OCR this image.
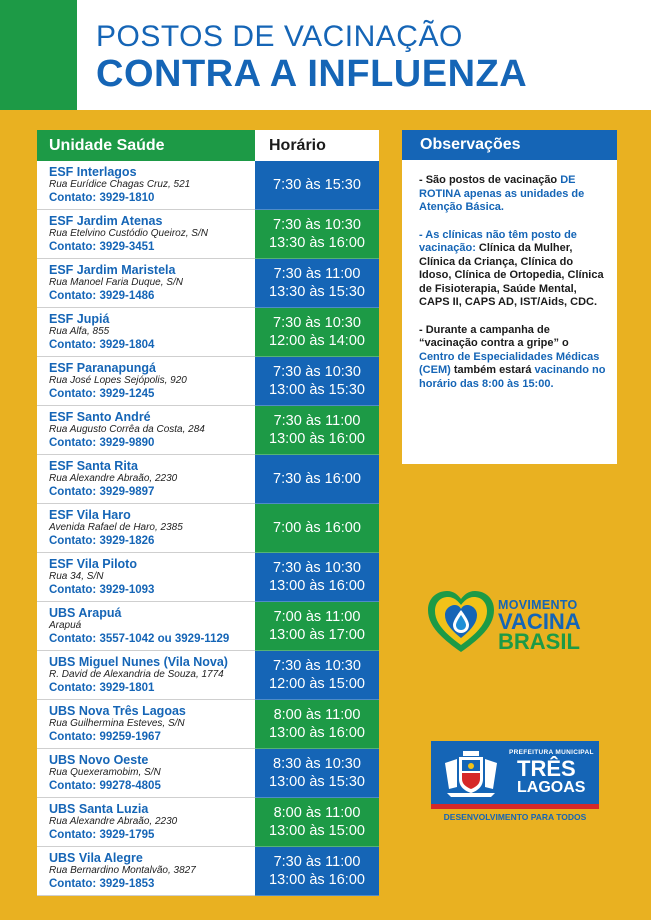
POSTOS DE VACINAÇÃO
CONTRA A INFLUENZA
Unidade Saúde	Horário
ESF Interlagos
Rua Eurídice Chagas Cruz, 521
Contato: 3929-1810
7:30 às 15:30
ESF Jardim Atenas
Rua Etelvino Custódio Queiroz, S/N
Contato: 3929-3451
7:30 às 10:30
13:30 às 16:00
ESF Jardim Maristela
Rua Manoel Faria Duque, S/N
Contato: 3929-1486
7:30 às 11:00
13:30 às 15:30
ESF Jupiá
Rua Alfa, 855
Contato: 3929-1804
7:30 às 10:30
12:00 às 14:00
ESF Paranapungá
Rua José Lopes Sejópolis, 920
Contato: 3929-1245
7:30 às 10:30
13:00 às 15:30
ESF Santo André
Rua Augusto Corrêa da Costa, 284
Contato: 3929-9890
7:30 às 11:00
13:00 às 16:00
ESF Santa Rita
Rua Alexandre Abraão, 2230
Contato: 3929-9897
7:30 às 16:00
ESF Vila Haro
Avenida Rafael de Haro, 2385
Contato: 3929-1826
7:00 às 16:00
ESF Vila Piloto
Rua 34, S/N
Contato: 3929-1093
7:30 às 10:30
13:00 às 16:00
UBS Arapuá
Arapuá
Contato: 3557-1042 ou 3929-1129
7:00 às 11:00
13:00 às 17:00
UBS Miguel Nunes (Vila Nova)
R. David de Alexandria de Souza, 1774
Contato: 3929-1801
7:30 às 10:30
12:00 às 15:00
UBS Nova Três Lagoas
Rua Guilhermina Esteves, S/N
Contato: 99259-1967
8:00 às 11:00
13:00 às 16:00
UBS Novo Oeste
Rua Quexeramobim, S/N
Contato: 99278-4805
8:30 às 10:30
13:00 às 15:30
UBS Santa Luzia
Rua Alexandre Abraão, 2230
Contato: 3929-1795
8:00 às 11:00
13:00 às 15:00
UBS Vila Alegre
Rua Bernardino Montalvão, 3827
Contato: 3929-1853
7:30 às 11:00
13:00 às 16:00
Observações

- São postos de vacinação DE ROTINA apenas as unidades de Atenção Básica.

- As clínicas não têm posto de vacinação: Clínica da Mulher, Clínica da Criança, Clínica do Idoso, Clínica de Ortopedia, Clínica de Fisioterapia, Saúde Mental, CAPS II, CAPS AD, IST/Aids, CDC.

- Durante a campanha de “vacinação contra a gripe” o Centro de Especialidades Médicas (CEM) também estará vacinando no horário das 8:00 às 15:00.

MOVIMENTO
VACINA
BRASIL
PREFEITURA MUNICIPAL
TRÊS
LAGOAS
DESENVOLVIMENTO PARA TODOS
